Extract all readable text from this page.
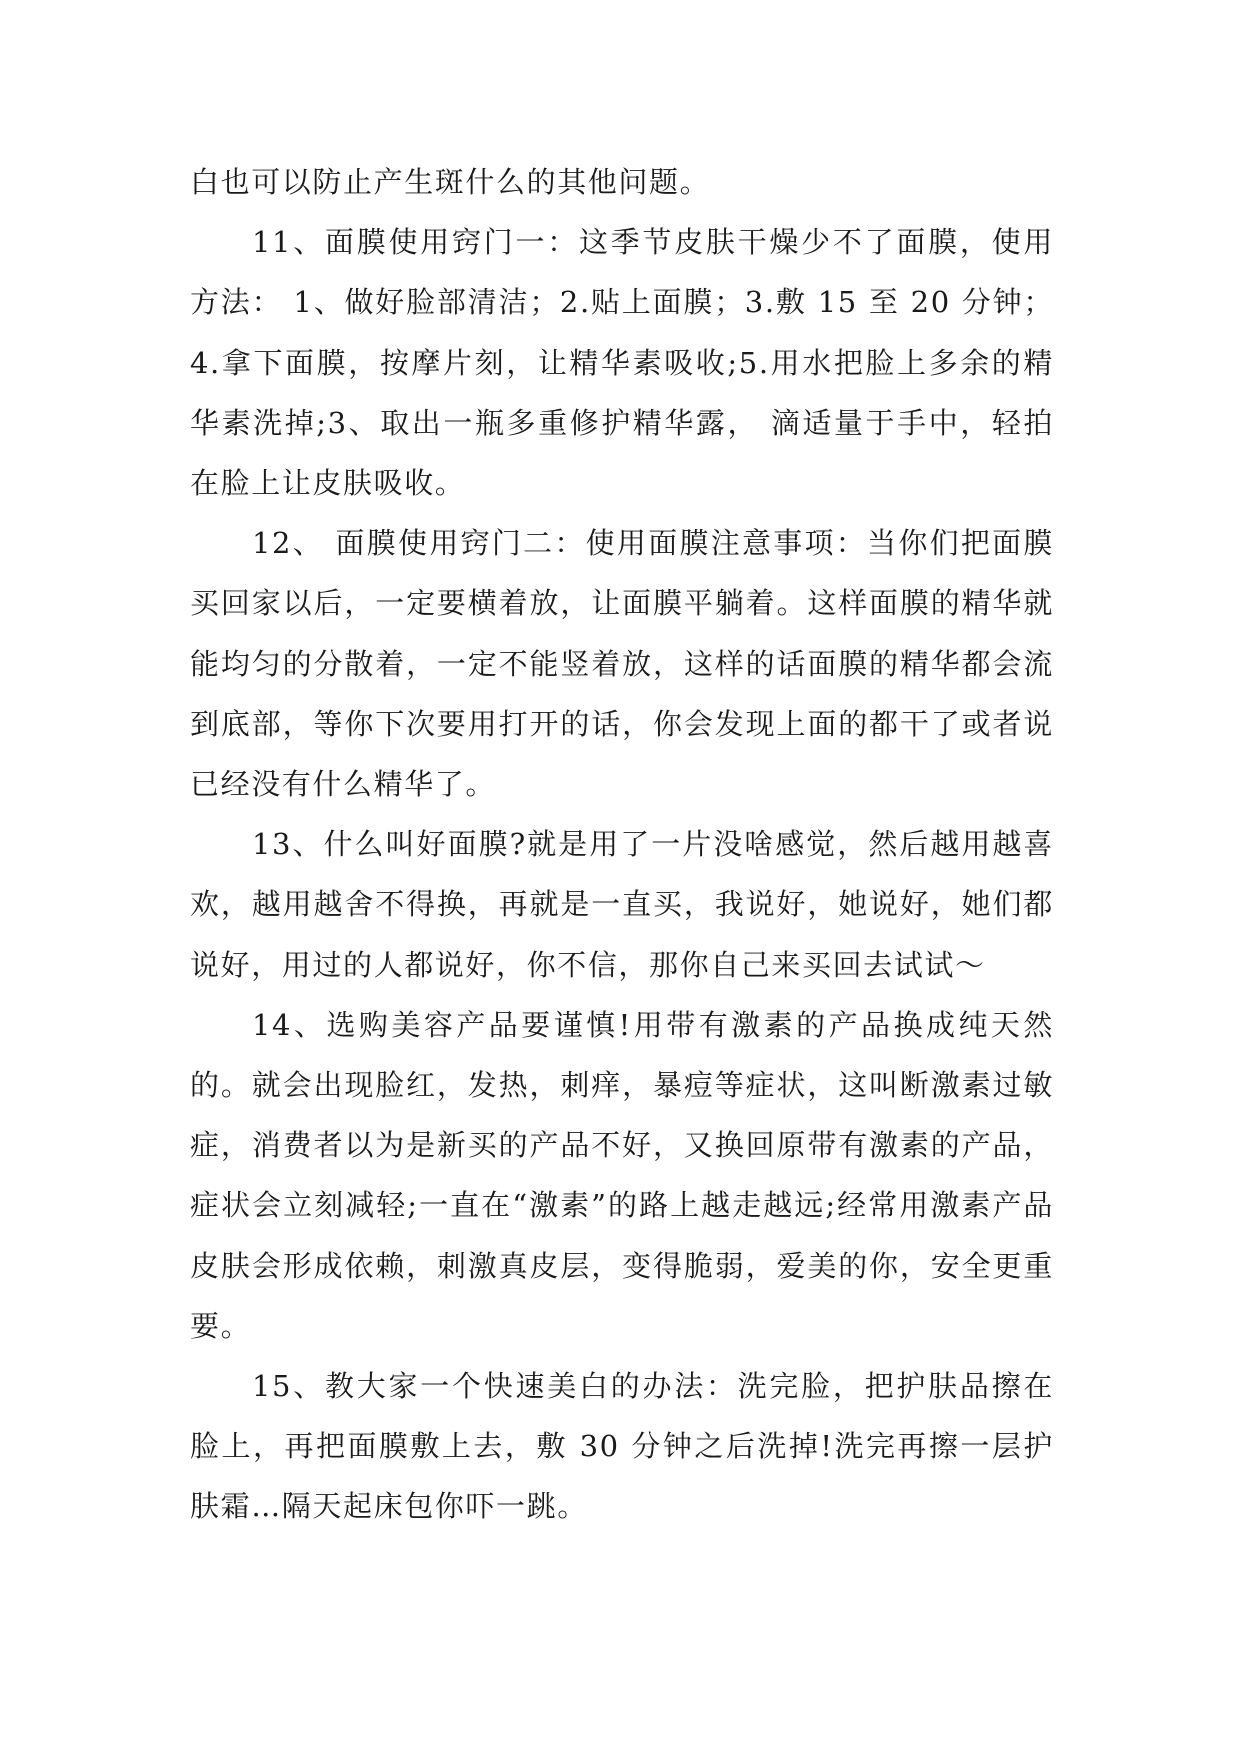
白也可以防止产生斑什么的其他问题。

11、面膜使用窍门一：这季节皮肤干燥少不了面膜，使用方法： 1、做好脸部清洁；2.贴上面膜；3.敷 15 至 20 分钟；4.拿下面膜，按摩片刻，让精华素吸收;5.用水把脸上多余的精华素洗掉;3、取出一瓶多重修护精华露， 滴适量于手中，轻拍在脸上让皮肤吸收。

12、 面膜使用窍门二：使用面膜注意事项：当你们把面膜买回家以后，一定要横着放，让面膜平躺着。这样面膜的精华就能均匀的分散着，一定不能竖着放，这样的话面膜的精华都会流到底部，等你下次要用打开的话，你会发现上面的都干了或者说已经没有什么精华了。

13、什么叫好面膜?就是用了一片没啥感觉，然后越用越喜欢，越用越舍不得换，再就是一直买，我说好，她说好，她们都说好，用过的人都说好，你不信，那你自己来买回去试试～

14、选购美容产品要谨慎!用带有激素的产品换成纯天然的。就会出现脸红，发热，刺痒，暴痘等症状，这叫断激素过敏症，消费者以为是新买的产品不好，又换回原带有激素的产品，症状会立刻减轻;一直在“激素”的路上越走越远;经常用激素产品皮肤会形成依赖，刺激真皮层，变得脆弱，爱美的你，安全更重要。

15、教大家一个快速美白的办法：洗完脸，把护肤品擦在脸上，再把面膜敷上去，敷 30 分钟之后洗掉!洗完再擦一层护肤霜…隔天起床包你吓一跳。
